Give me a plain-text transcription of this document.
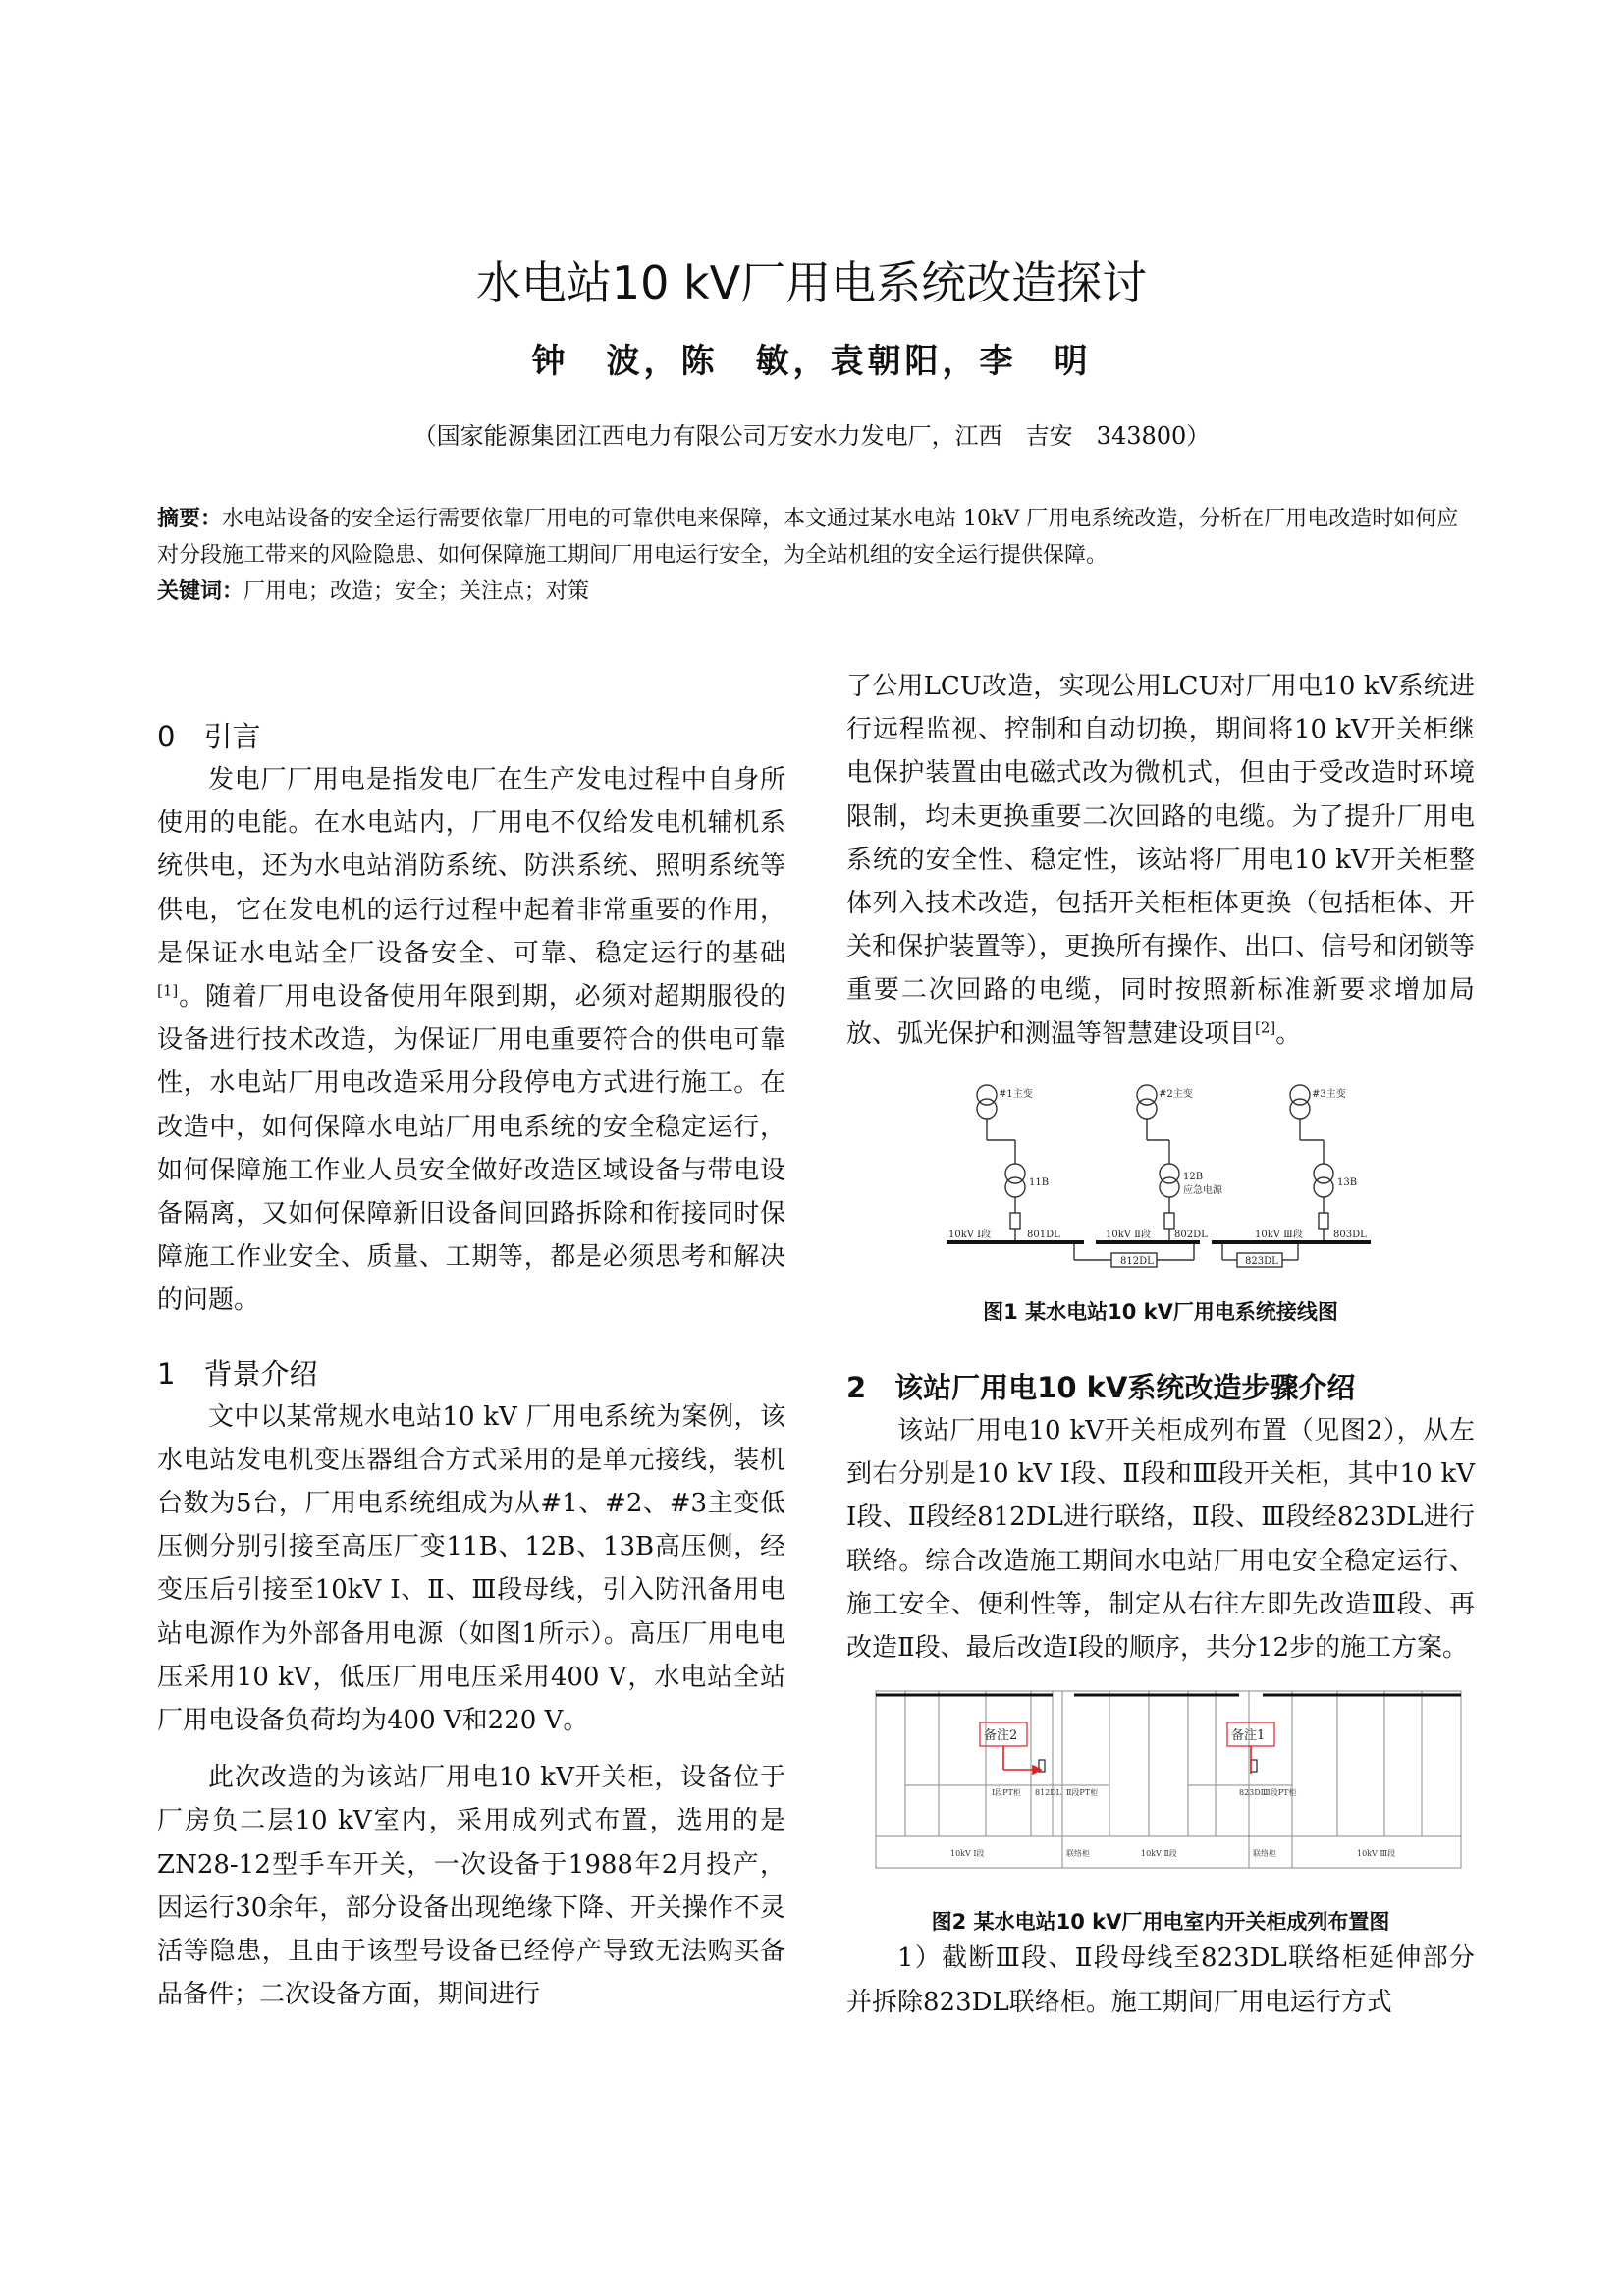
水电站10 kV厂用电系统改造探讨
钟　波，陈　敏，袁朝阳，李　明
（国家能源集团江西电力有限公司万安水力发电厂，江西　吉安　343800）
摘要：水电站设备的安全运行需要依靠厂用电的可靠供电来保障，本文通过某水电站 10kV 厂用电系统改造，分析在厂用电改造时如何应对分段施工带来的风险隐患、如何保障施工期间厂用电运行安全，为全站机组的安全运行提供保障。
关键词：厂用电；改造；安全；关注点；对策
0　引言

发电厂厂用电是指发电厂在生产发电过程中自身所使用的电能。在水电站内，厂用电不仅给发电机辅机系统供电，还为水电站消防系统、防洪系统、照明系统等供电，它在发电机的运行过程中起着非常重要的作用，是保证水电站全厂设备安全、可靠、稳定运行的基础[1]。随着厂用电设备使用年限到期，必须对超期服役的设备进行技术改造，为保证厂用电重要符合的供电可靠性，水电站厂用电改造采用分段停电方式进行施工。在改造中，如何保障水电站厂用电系统的安全稳定运行，如何保障施工作业人员安全做好改造区域设备与带电设备隔离，又如何保障新旧设备间回路拆除和衔接同时保障施工作业安全、质量、工期等，都是必须思考和解决的问题。

1　背景介绍

文中以某常规水电站10 kV 厂用电系统为案例，该水电站发电机变压器组合方式采用的是单元接线，装机台数为5台，厂用电系统组成为从#1、#2、#3主变低压侧分别引接至高压厂变11B、12B、13B高压侧，经变压后引接至10kV Ⅰ、Ⅱ、Ⅲ段母线，引入防汛备用电站电源作为外部备用电源（如图1所示）。高压厂用电电压采用10 kV，低压厂用电压采用400 V，水电站全站厂用电设备负荷均为400 V和220 V。

此次改造的为该站厂用电10 kV开关柜，设备位于厂房负二层10 kV室内，采用成列式布置，选用的是ZN28-12型手车开关，一次设备于1988年2月投产，因运行30余年，部分设备出现绝缘下降、开关操作不灵活等隐患，且由于该型号设备已经停产导致无法购买备品备件；二次设备方面，期间进行

了公用LCU改造，实现公用LCU对厂用电10 kV系统进行远程监视、控制和自动切换，期间将10 kV开关柜继电保护装置由电磁式改为微机式，但由于受改造时环境限制，均未更换重要二次回路的电缆。为了提升厂用电系统的安全性、稳定性，该站将厂用电10 kV开关柜整体列入技术改造，包括开关柜柜体更换（包括柜体、开关和保护装置等），更换所有操作、出口、信号和闭锁等重要二次回路的电缆，同时按照新标准新要求增加局放、弧光保护和测温等智慧建设项目[2]。

#1主变	#2主变	#3主变
11B
12B
应急电源
13B
10kV Ⅰ段	801DL	10kV Ⅱ段 802DL	10kV Ⅲ段	803DL
812DL	823DL
图1 某水电站10 kV厂用电系统接线图
2　该站厂用电10 kV系统改造步骤介绍

该站厂用电10 kV开关柜成列布置（见图2），从左到右分别是10 kV Ⅰ段、Ⅱ段和Ⅲ段开关柜，其中10 kV Ⅰ段、Ⅱ段经812DL进行联络，Ⅱ段、Ⅲ段经823DL进行联络。综合改造施工期间水电站厂用电安全稳定运行、施工安全、便利性等，制定从右往左即先改造Ⅲ段、再改造Ⅱ段、最后改造Ⅰ段的顺序，共分12步的施工方案。

备注2	备注1
Ⅰ段PT柜 812DL Ⅱ段PT柜	823DL
Ⅲ段PT柜
10kV Ⅰ段	联络柜	10kV Ⅱ段	联络柜	10kV Ⅲ段
图2 某水电站10 kV厂用电室内开关柜成列布置图

1）截断Ⅲ段、Ⅱ段母线至823DL联络柜延伸部分并拆除823DL联络柜。施工期间厂用电运行方式
